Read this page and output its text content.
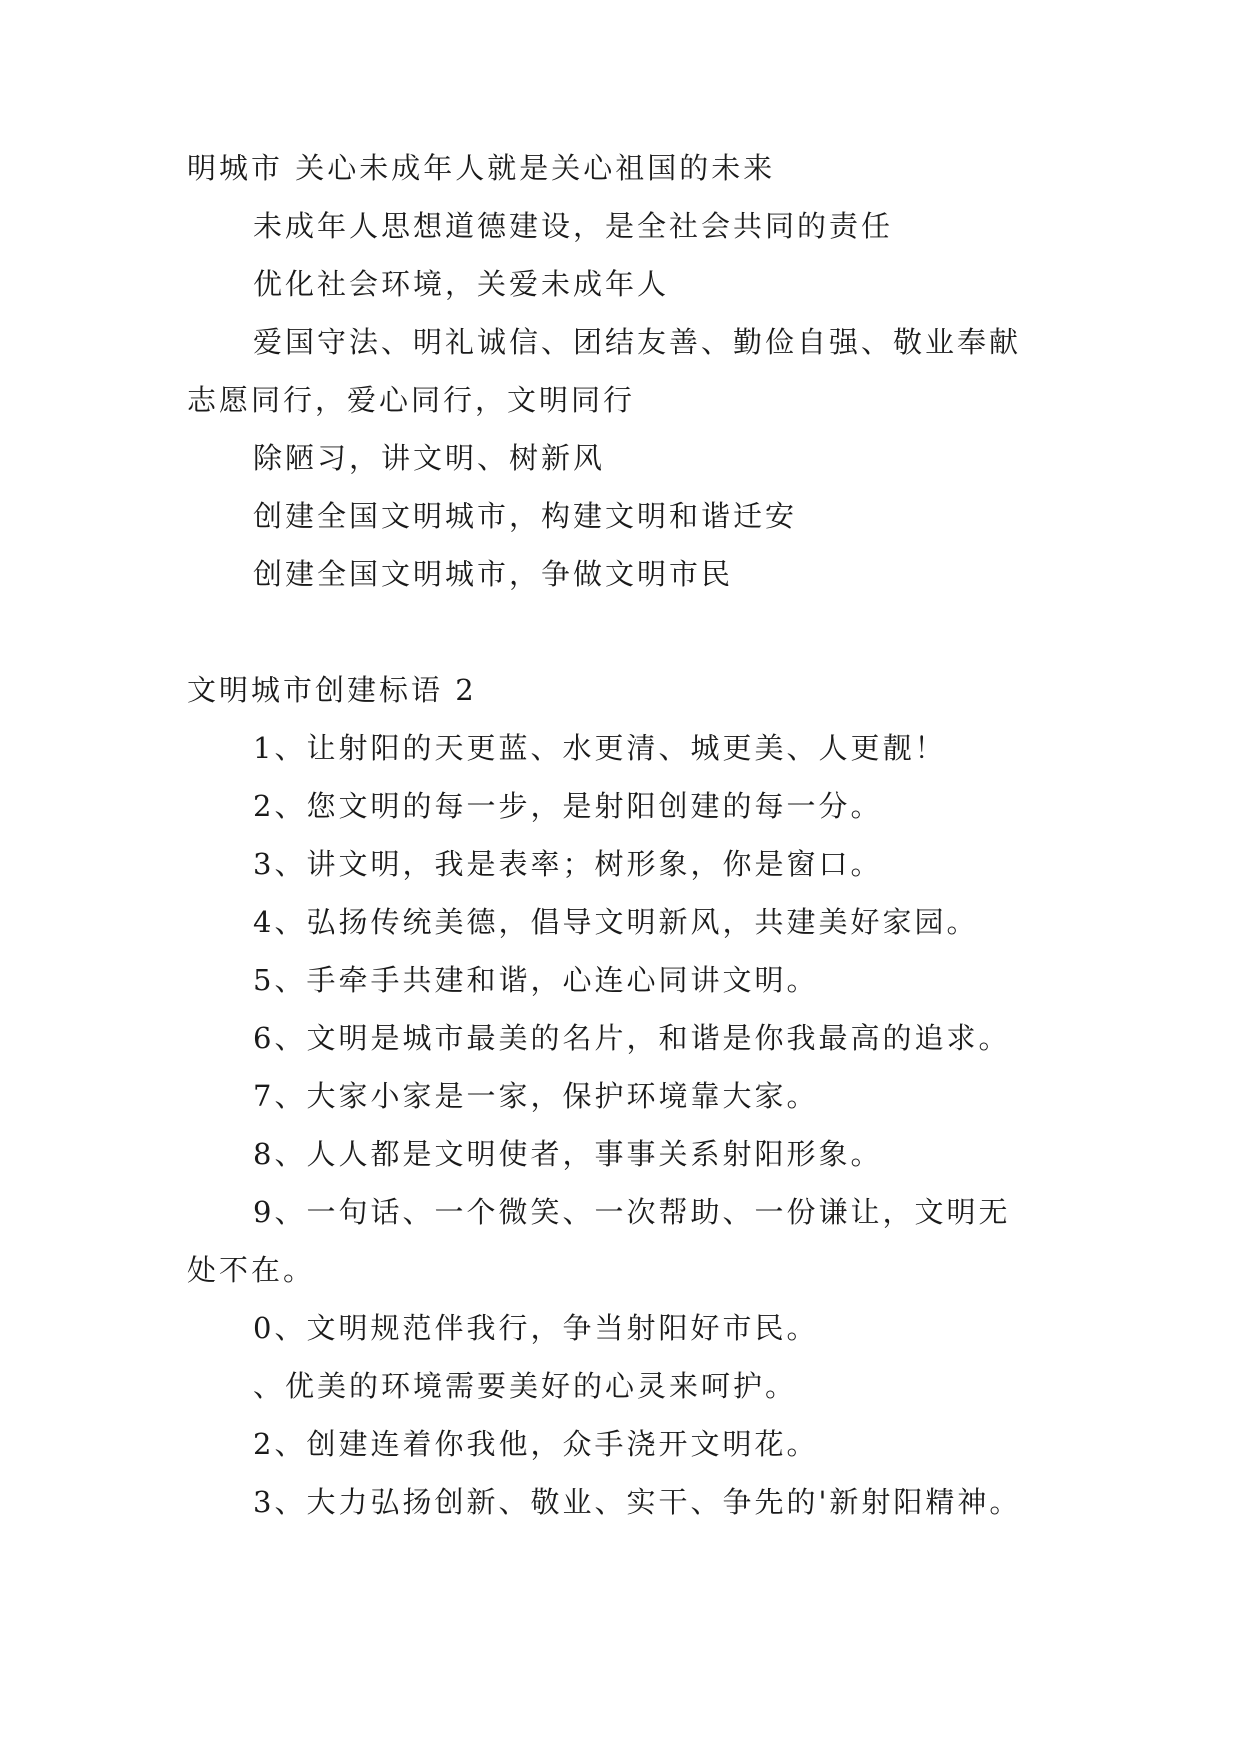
明城市 关心未成年人就是关心祖国的未来

未成年人思想道德建设，是全社会共同的责任

优化社会环境，关爱未成年人

爱国守法、明礼诚信、团结友善、勤俭自强、敬业奉献

志愿同行，爱心同行，文明同行

除陋习，讲文明、树新风

创建全国文明城市，构建文明和谐迁安

创建全国文明城市，争做文明市民

文明城市创建标语 2

1、让射阳的天更蓝、水更清、城更美、人更靓！

2、您文明的每一步，是射阳创建的每一分。

3、讲文明，我是表率；树形象，你是窗口。

4、弘扬传统美德，倡导文明新风，共建美好家园。

5、手牵手共建和谐，心连心同讲文明。

6、文明是城市最美的名片，和谐是你我最高的追求。

7、大家小家是一家，保护环境靠大家。

8、人人都是文明使者，事事关系射阳形象。

9、一句话、一个微笑、一次帮助、一份谦让，文明无

处不在。

0、文明规范伴我行，争当射阳好市民。

、优美的环境需要美好的心灵来呵护。

2、创建连着你我他，众手浇开文明花。

3、大力弘扬创新、敬业、实干、争先的'新射阳精神。
